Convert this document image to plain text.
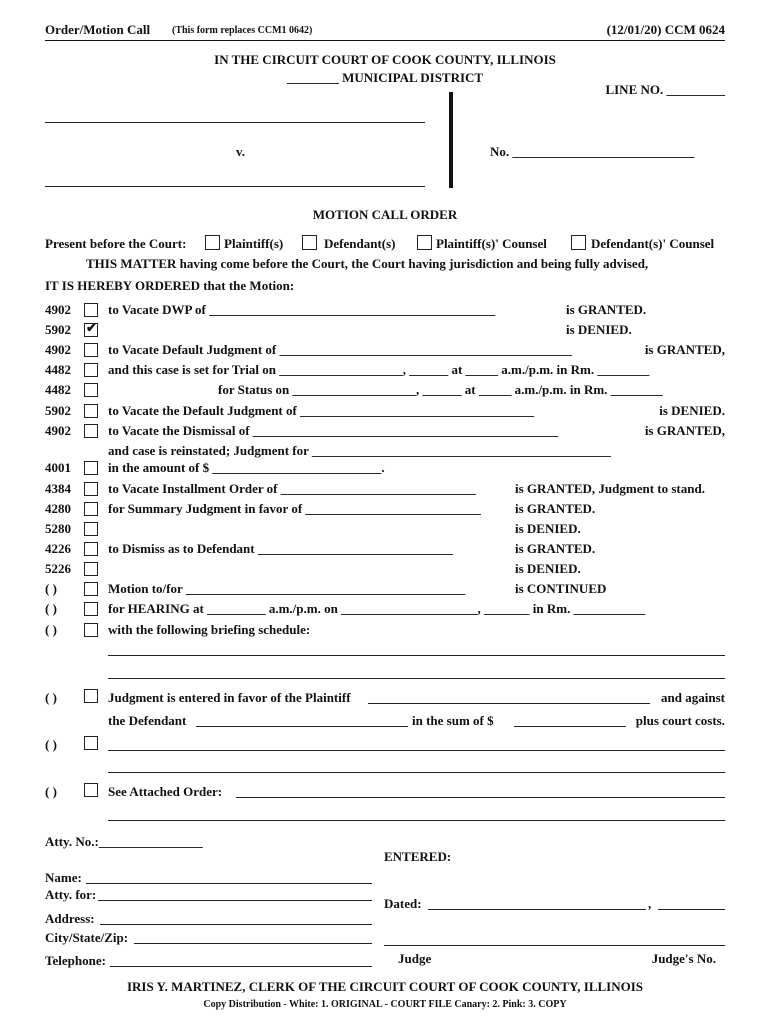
Order/Motion Call (This form replaces CCM1 0642)	(12/01/20) CCM 0624
IN THE CIRCUIT COURT OF COOK COUNTY, ILLINOIS
________ MUNICIPAL DISTRICT
LINE NO. _________
v.	No. ____________________________
MOTION CALL ORDER
Present before the Court:	Plaintiff(s)	Defendant(s)	Plaintiff(s)' Counsel	Defendant(s)' Counsel
THIS MATTER having come before the Court, the Court having jurisdiction and being fully advised,
IT IS HEREBY ORDERED that the Motion:
4902	to Vacate DWP of ____________________________________________	is GRANTED.
5902 ✔	is DENIED.
4902	to Vacate Default Judgment of _____________________________________________	is GRANTED,
4482	and this case is set for Trial on ___________________, ______ at _____ a.m./p.m. in Rm. ________
4482	for Status on ___________________, ______ at _____ a.m./p.m. in Rm. ________
5902	to Vacate the Default Judgment of ____________________________________	is DENIED.
4902	to Vacate the Dismissal of _______________________________________________	is GRANTED,
and case is reinstated; Judgment for ______________________________________________
4001	in the amount of $ __________________________.
4384	to Vacate Installment Order of ______________________________	is GRANTED, Judgment to stand.
4280	for Summary Judgment in favor of ___________________________	is GRANTED.
5280	is DENIED.
4226	to Dismiss as to Defendant ______________________________	is GRANTED.
5226	is DENIED.
( )	Motion to/for ___________________________________________	is CONTINUED
( )	for HEARING at _________ a.m./p.m. on _____________________, _______ in Rm. ___________
( )	with the following briefing schedule:
( )	Judgment is entered in favor of the Plaintiff	and against
the Defendant	in the sum of $	plus court costs.
( )
( )	See Attached Order:
Atty. No.:________________
Name:
Atty. for:
Address:
City/State/Zip:
Telephone:
ENTERED:
Dated:	,
Judge	Judge's No.
IRIS Y. MARTINEZ, CLERK OF THE CIRCUIT COURT OF COOK COUNTY, ILLINOIS
Copy Distribution - White: 1. ORIGINAL - COURT FILE Canary: 2. Pink: 3. COPY
